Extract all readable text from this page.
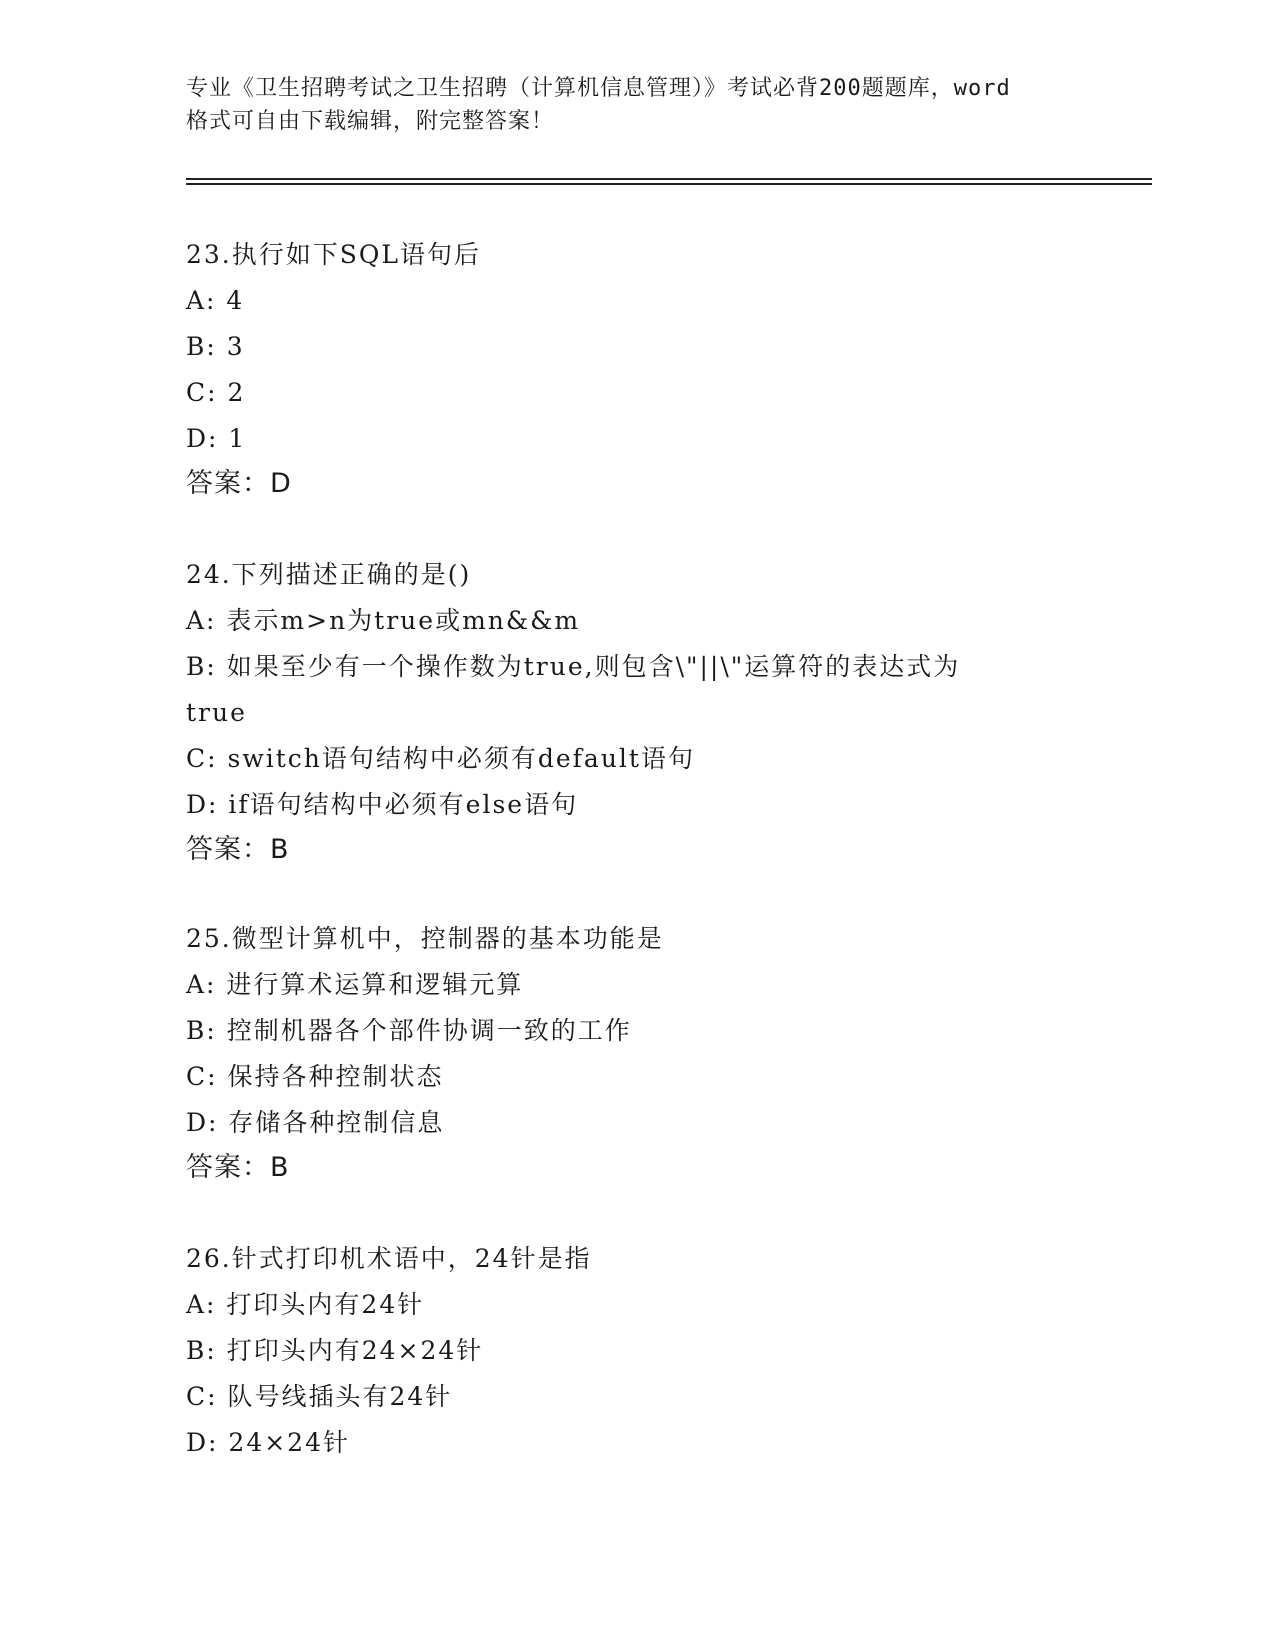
专业《卫生招聘考试之卫生招聘（计算机信息管理）》考试必背200题题库，word
格式可自由下载编辑，附完整答案！
23.执行如下SQL语句后
A: 4
B: 3
C: 2
D: 1
答案：D
24.下列描述正确的是()
A: 表示m>n为true或mn&&m
B: 如果至少有一个操作数为true,则包含\"||\"运算符的表达式为true
C: switch语句结构中必须有default语句
D: if语句结构中必须有else语句
答案：B
25.微型计算机中，控制器的基本功能是
A: 进行算术运算和逻辑元算
B: 控制机器各个部件协调一致的工作
C: 保持各种控制状态
D: 存储各种控制信息
答案：B
26.针式打印机术语中，24针是指
A: 打印头内有24针
B: 打印头内有24×24针
C: 队号线插头有24针
D: 24×24针
